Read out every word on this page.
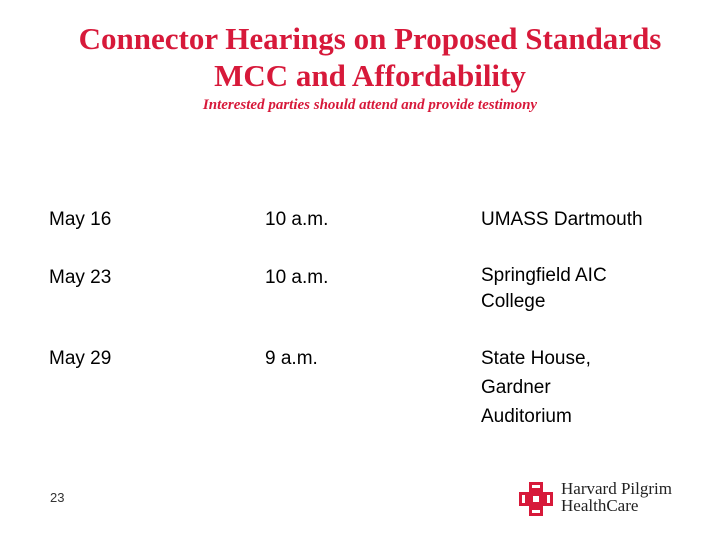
Connector Hearings on Proposed Standards
MCC and Affordability
Interested parties should attend and provide testimony
May 16	10 a.m.	UMASS Dartmouth
May 23	10 a.m.	Springfield AIC
College
May 29	9 a.m.	State House,
Gardner
Auditorium
23	Harvard Pilgrim
HealthCare
